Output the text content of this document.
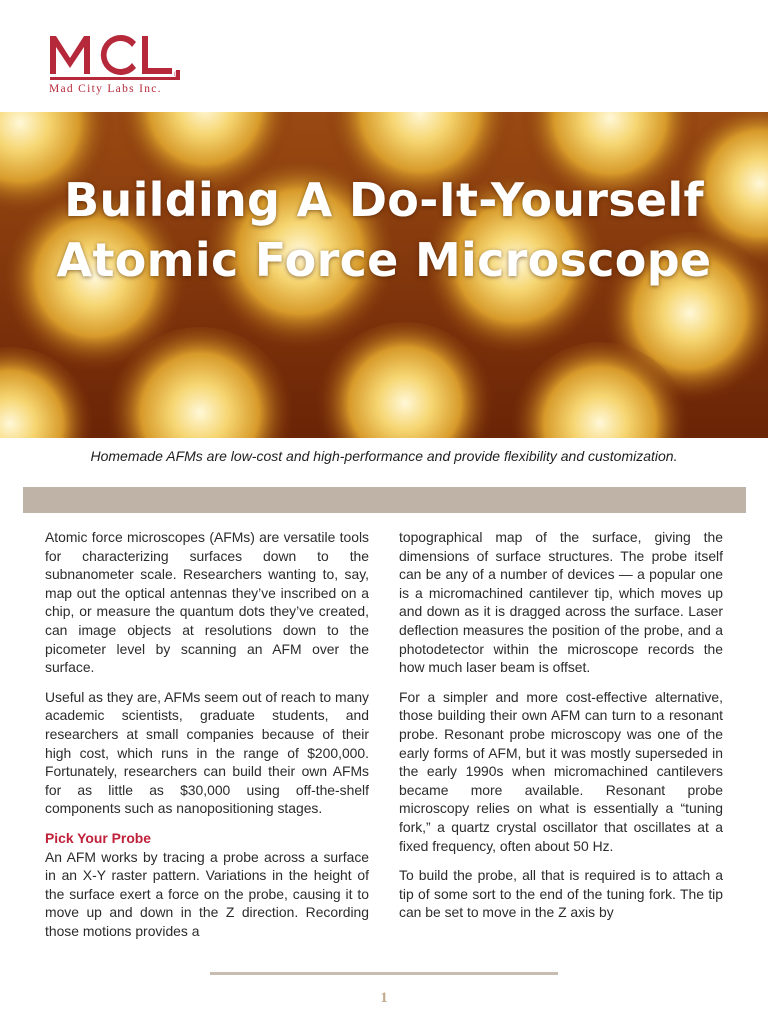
®
Mad City Labs Inc.
Building A Do-It-Yourself
Atomic Force Microscope
Homemade AFMs are low-cost and high-performance and provide flexibility and customization.

Atomic force microscopes (AFMs) are versatile tools for characterizing surfaces down to the subnanometer scale. Researchers wanting to, say, map out the optical antennas they’ve inscribed on a chip, or measure the quantum dots they’ve created, can image objects at resolutions down to the picometer level by scanning an AFM over the surface.

Useful as they are, AFMs seem out of reach to many academic scientists, graduate students, and researchers at small companies because of their high cost, which runs in the range of $200,000. Fortunately, researchers can build their own AFMs for as little as $30,000 using off-the-shelf components such as nanopositioning stages.

Pick Your Probe

An AFM works by tracing a probe across a surface in an X-Y raster pattern. Variations in the height of the surface exert a force on the probe, causing it to move up and down in the Z direction. Recording those motions provides a

topographical map of the surface, giving the dimensions of surface structures. The probe itself can be any of a number of devices — a popular one is a micromachined cantilever tip, which moves up and down as it is dragged across the surface. Laser deflection measures the position of the probe, and a photodetector within the microscope records the how much laser beam is offset.

For a simpler and more cost-effective alternative, those building their own AFM can turn to a resonant probe. Resonant probe microscopy was one of the early forms of AFM, but it was mostly superseded in the early 1990s when micromachined cantilevers became more available. Resonant probe microscopy relies on what is essentially a “tuning fork,” a quartz crystal oscillator that oscillates at a fixed frequency, often about 50 Hz.

To build the probe, all that is required is to attach a tip of some sort to the end of the tuning fork. The tip can be set to move in the Z axis by

1
